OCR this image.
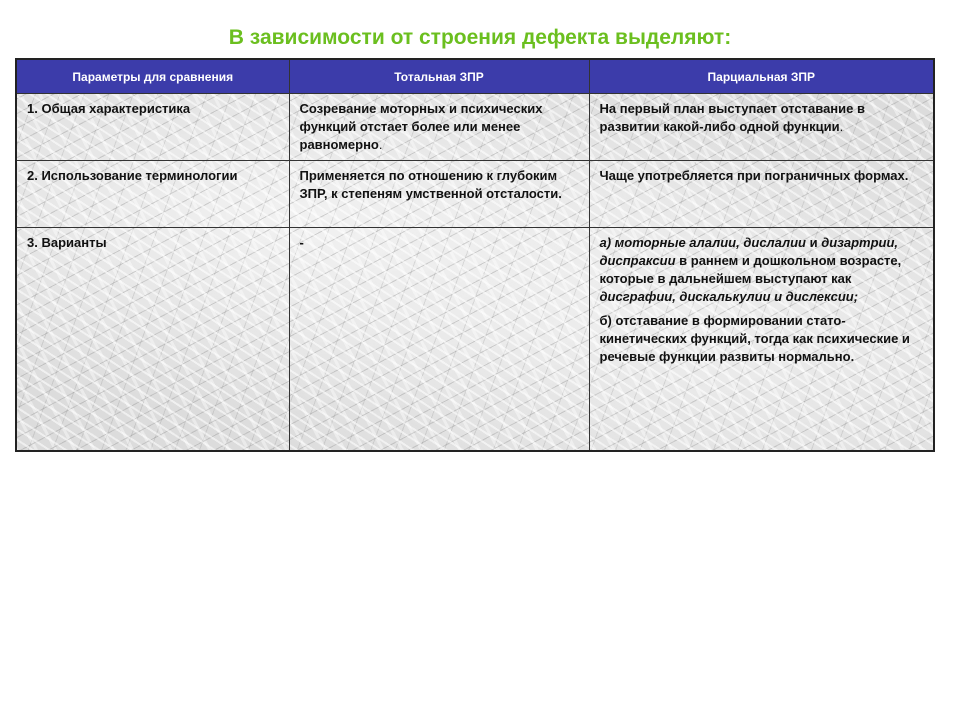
В зависимости от строения дефекта выделяют:
Параметры для сравнения	Тотальная ЗПР	Парциальная ЗПР
1. Общая характеристика	Созревание моторных и психических функций отстает более или менее равномерно.	На первый план выступает отставание в развитии какой-либо одной функции.
2. Использование терминологии	Применяется по отношению к глубоким ЗПР, к степеням умственной отсталости.	Чаще употребляется при пограничных формах.
3. Варианты	-	а) моторные алалии, дислалии и дизартрии, диспраксии в раннем и дошкольном возрасте, которые в дальнейшем выступают как дисграфии, дискалькулии и дислексии;

б) отставание в формировании стато-кинетических функций, тогда как психические и речевые функции развиты нормально.
